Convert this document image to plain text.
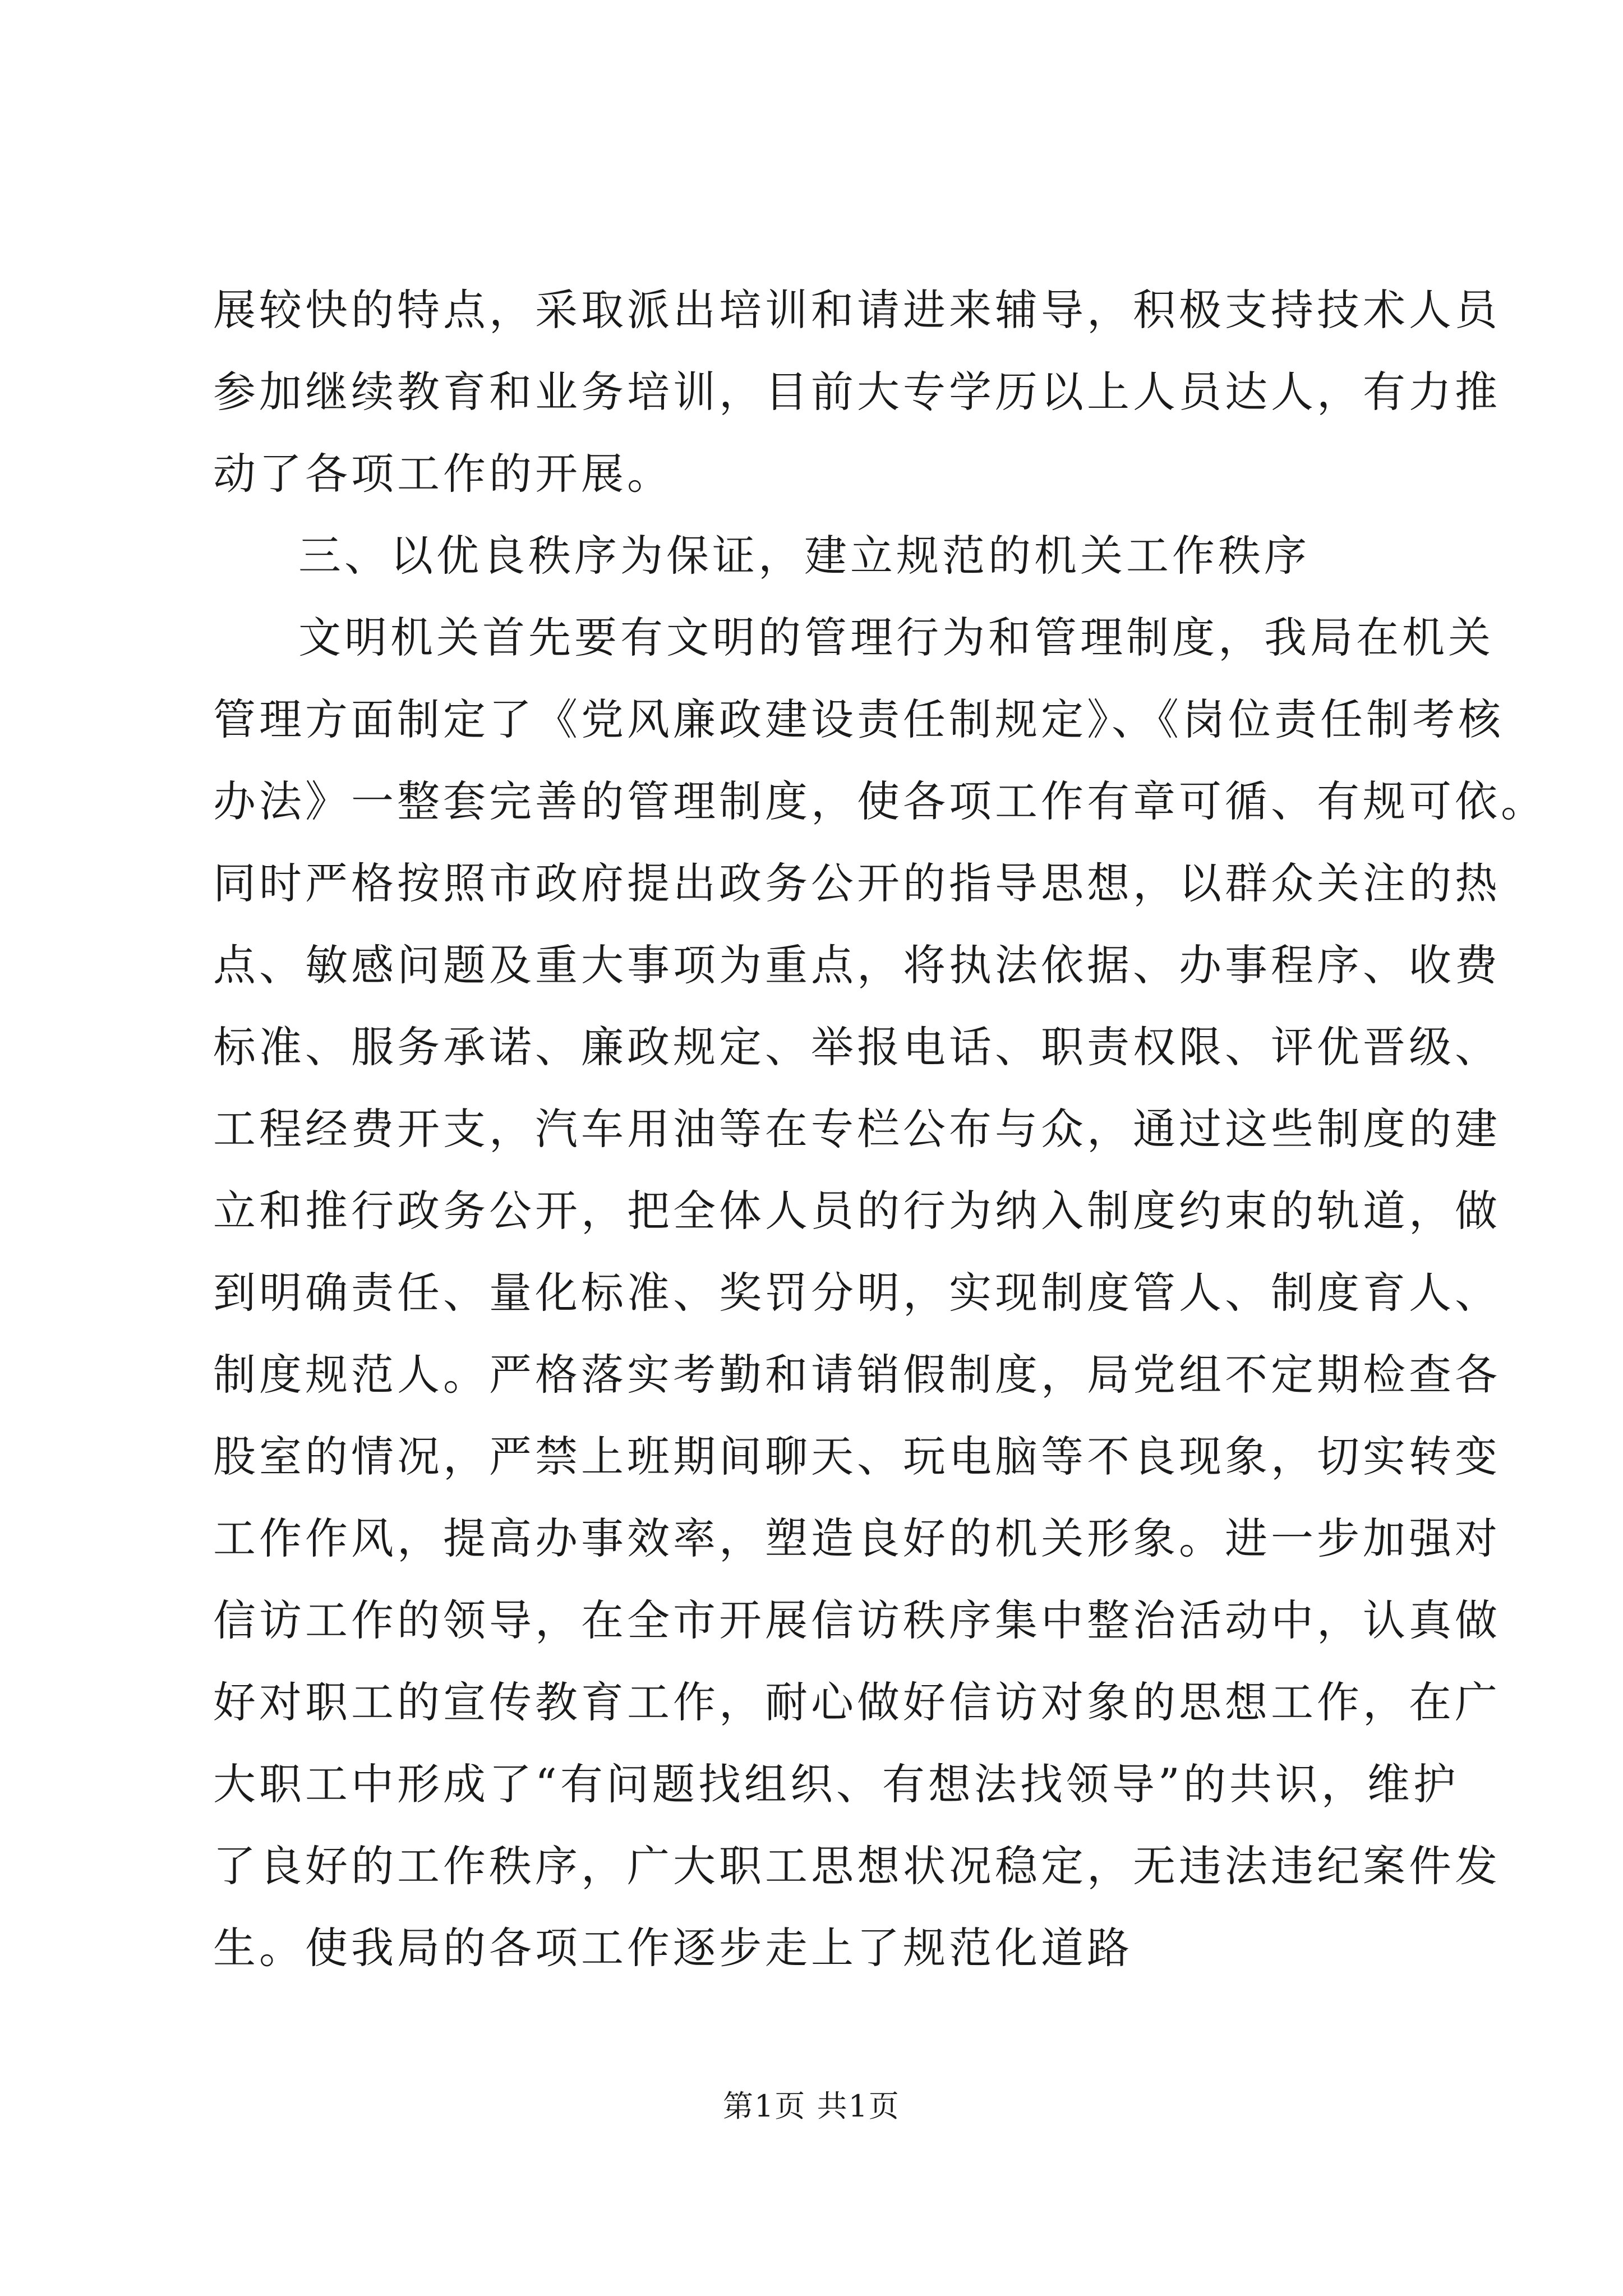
展较快的特点，采取派出培训和请进来辅导，积极支持技术人员
参加继续教育和业务培训，目前大专学历以上人员达人，有力推
动了各项工作的开展。
三、以优良秩序为保证，建立规范的机关工作秩序
文明机关首先要有文明的管理行为和管理制度，我局在机关
管理方面制定了《党风廉政建设责任制规定》、《岗位责任制考核
办法》一整套完善的管理制度，使各项工作有章可循、有规可依。
同时严格按照市政府提出政务公开的指导思想，以群众关注的热
点、敏感问题及重大事项为重点，将执法依据、办事程序、收费
标准、服务承诺、廉政规定、举报电话、职责权限、评优晋级、
工程经费开支，汽车用油等在专栏公布与众，通过这些制度的建
立和推行政务公开，把全体人员的行为纳入制度约束的轨道，做
到明确责任、量化标准、奖罚分明，实现制度管人、制度育人、
制度规范人。严格落实考勤和请销假制度，局党组不定期检查各
股室的情况，严禁上班期间聊天、玩电脑等不良现象，切实转变
工作作风，提高办事效率，塑造良好的机关形象。进一步加强对
信访工作的领导，在全市开展信访秩序集中整治活动中，认真做
好对职工的宣传教育工作，耐心做好信访对象的思想工作，在广
大职工中形成了“有问题找组织、有想法找领导”的共识，维护
了良好的工作秩序，广大职工思想状况稳定，无违法违纪案件发
生。使我局的各项工作逐步走上了规范化道路
第1页 共1页
